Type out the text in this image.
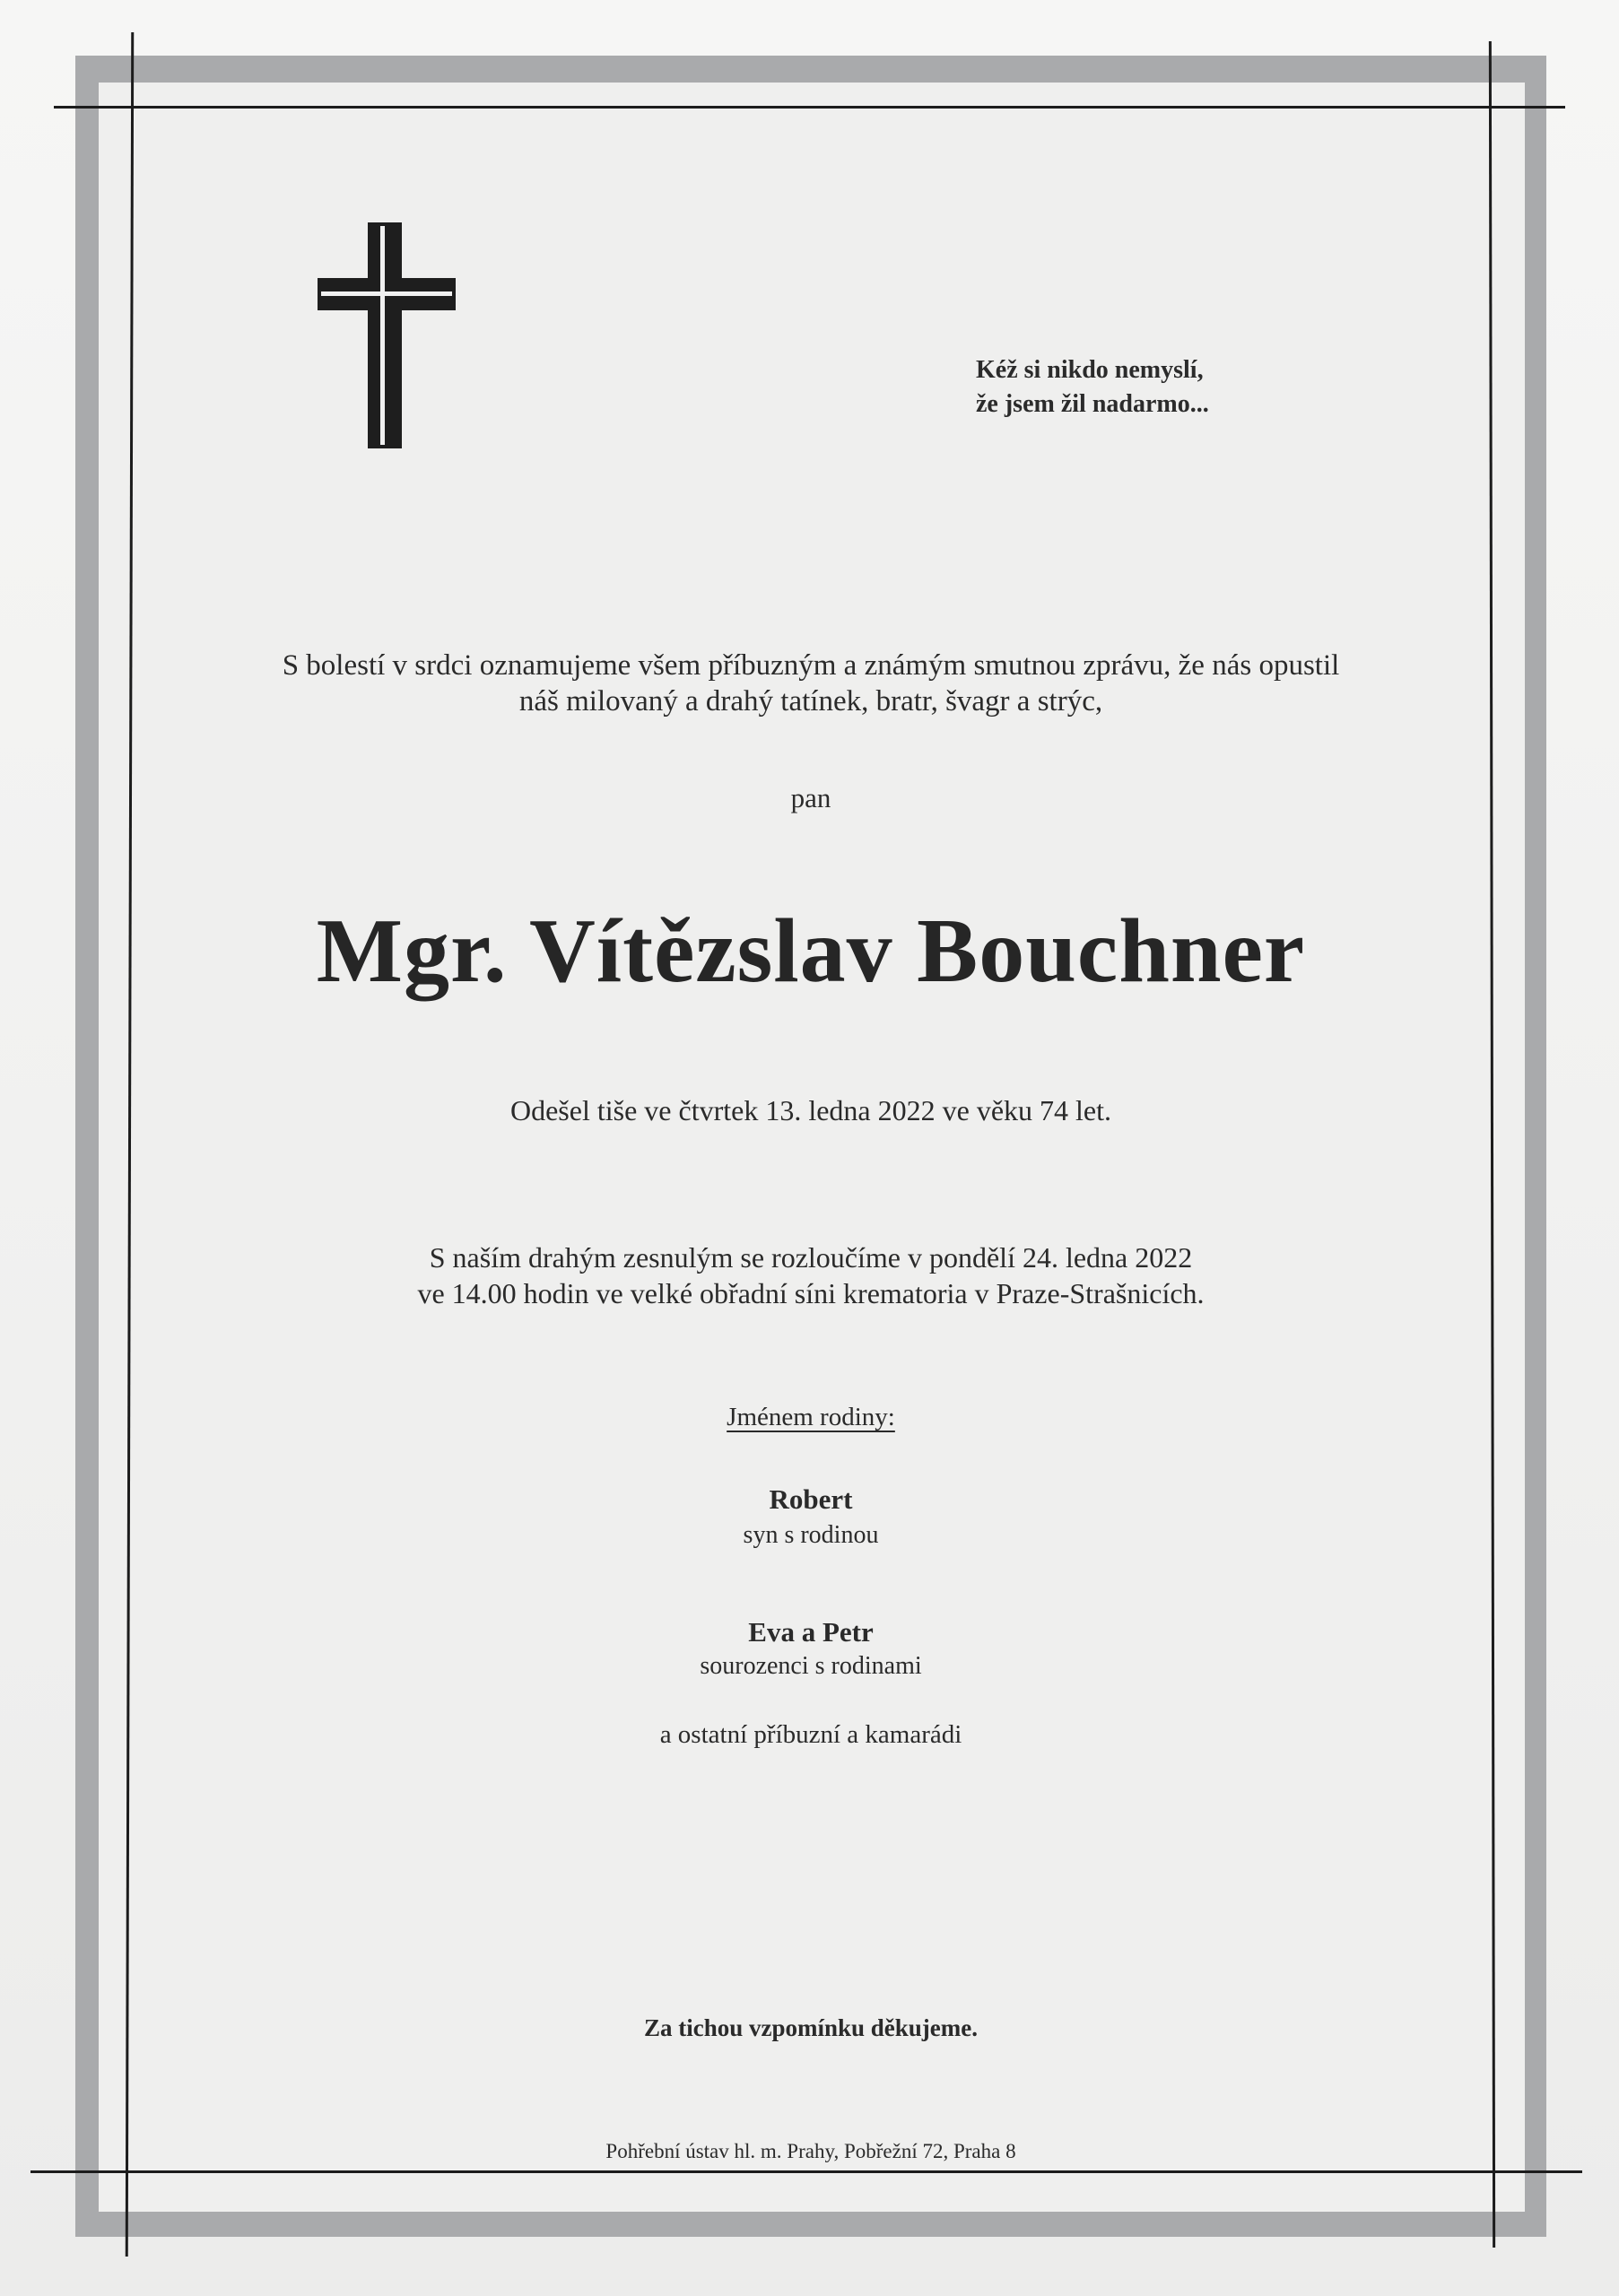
Kéž si nikdo nemyslí,
že jsem žil nadarmo...
S bolestí v srdci oznamujeme všem příbuzným a známým smutnou zprávu, že nás opustil
náš milovaný a drahý tatínek, bratr, švagr a strýc,
pan
Mgr. Vítězslav Bouchner
Odešel tiše ve čtvrtek 13. ledna 2022 ve věku 74 let.
S naším drahým zesnulým se rozloučíme v pondělí 24. ledna 2022
ve 14.00 hodin ve velké obřadní síni krematoria v Praze-Strašnicích.
Jménem rodiny:
Robert
syn s rodinou
Eva a Petr
sourozenci s rodinami
a ostatní příbuzní a kamarádi
Za tichou vzpomínku děkujeme.
Pohřební ústav hl. m. Prahy, Pobřežní 72, Praha 8
